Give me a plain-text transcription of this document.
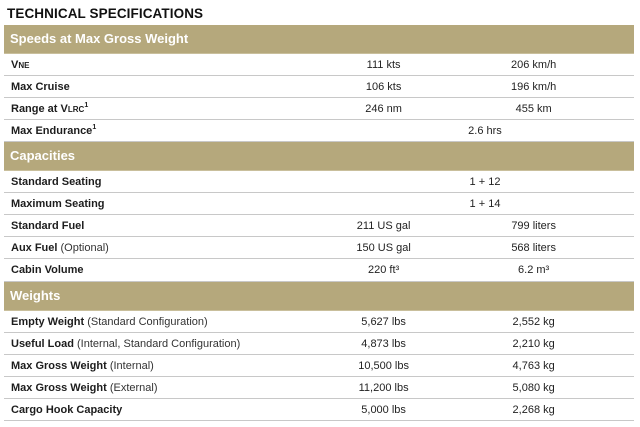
TECHNICAL SPECIFICATIONS
Speeds at Max Gross Weight
VNE	111 kts	206 km/h
Max Cruise	106 kts	196 km/h
Range at VLRC$^1$	246 nm	455 km
Max Endurance$^1$	2.6 hrs
Capacities
Standard Seating	1 + 12
Maximum Seating	1 + 14
Standard Fuel	211 US gal	799 liters
Aux Fuel (Optional)	150 US gal	568 liters
Cabin Volume	220 ft³	6.2 m³
Weights
Empty Weight (Standard Configuration)	5,627 lbs	2,552 kg
Useful Load (Internal, Standard Configuration)	4,873 lbs	2,210 kg
Max Gross Weight (Internal)	10,500 lbs	4,763 kg
Max Gross Weight (External)	11,200 lbs	5,080 kg
Cargo Hook Capacity	5,000 lbs	2,268 kg
